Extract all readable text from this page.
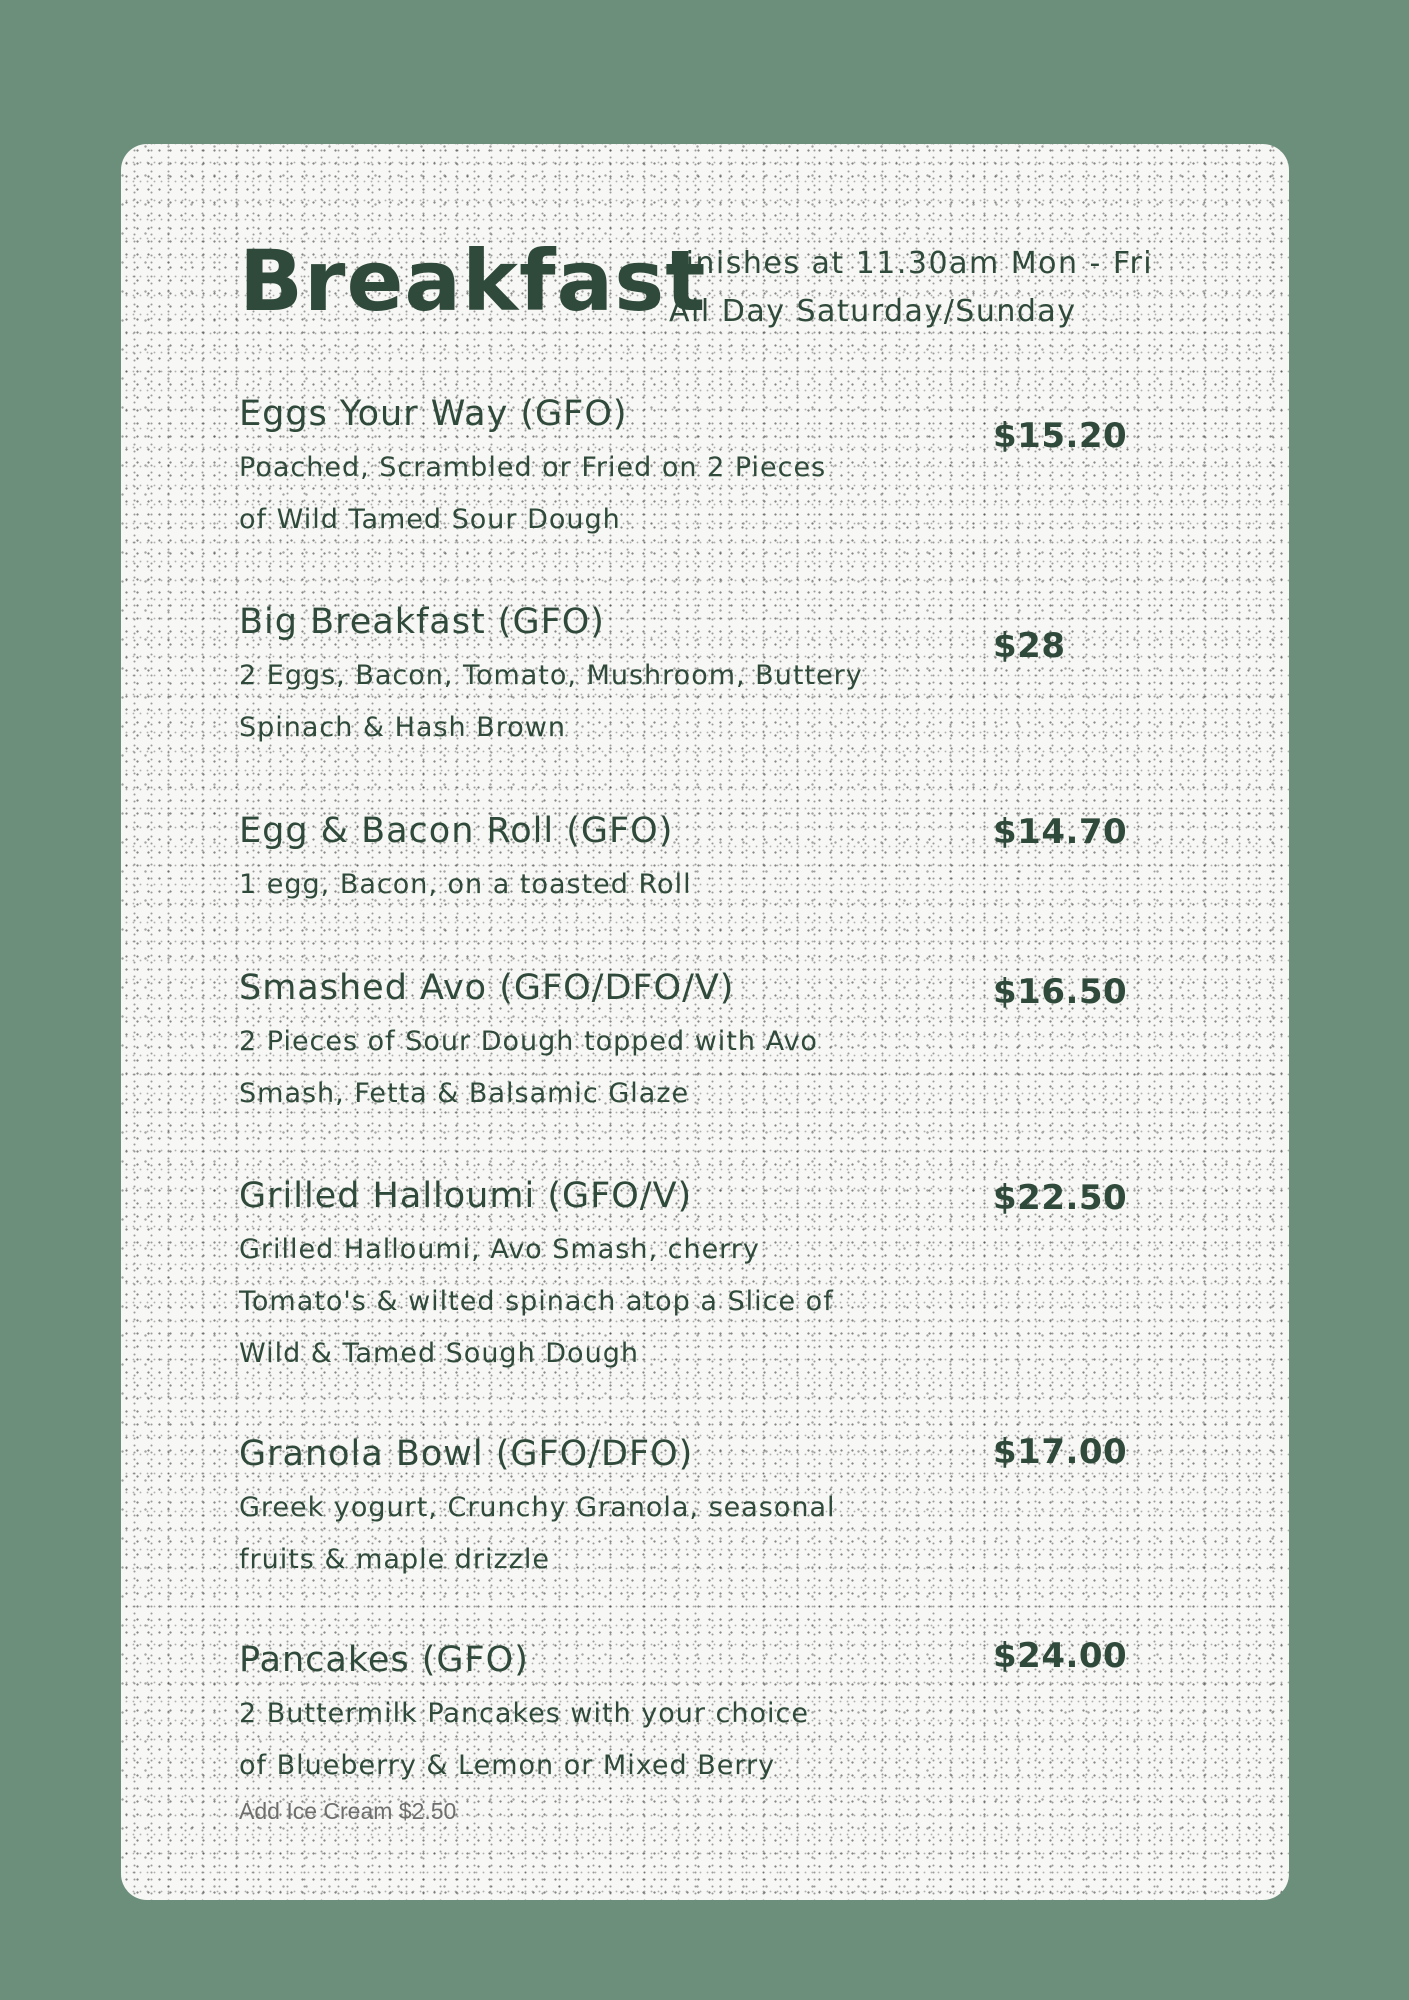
Breakfast
Finishes at 11.30am Mon - Fri
All Day Saturday/Sunday
Eggs Your Way (GFO)
Poached, Scrambled or Fried on 2 Pieces
of Wild Tamed Sour Dough
$15.20
Big Breakfast (GFO)
2 Eggs, Bacon, Tomato, Mushroom, Buttery
Spinach & Hash Brown
$28
Egg & Bacon Roll (GFO)
1 egg, Bacon, on a toasted Roll
$14.70
Smashed Avo (GFO/DFO/V)
2 Pieces of Sour Dough topped with Avo
Smash, Fetta & Balsamic Glaze
$16.50
Grilled Halloumi (GFO/V)
Grilled Halloumi, Avo Smash, cherry
Tomato's & wilted spinach atop a Slice of
Wild & Tamed Sough Dough
$22.50
Granola Bowl (GFO/DFO)
Greek yogurt, Crunchy Granola, seasonal
fruits & maple drizzle
$17.00
Pancakes (GFO)
2 Buttermilk Pancakes with your choice
of Blueberry & Lemon or Mixed Berry
$24.00
Add Ice Cream $2.50
